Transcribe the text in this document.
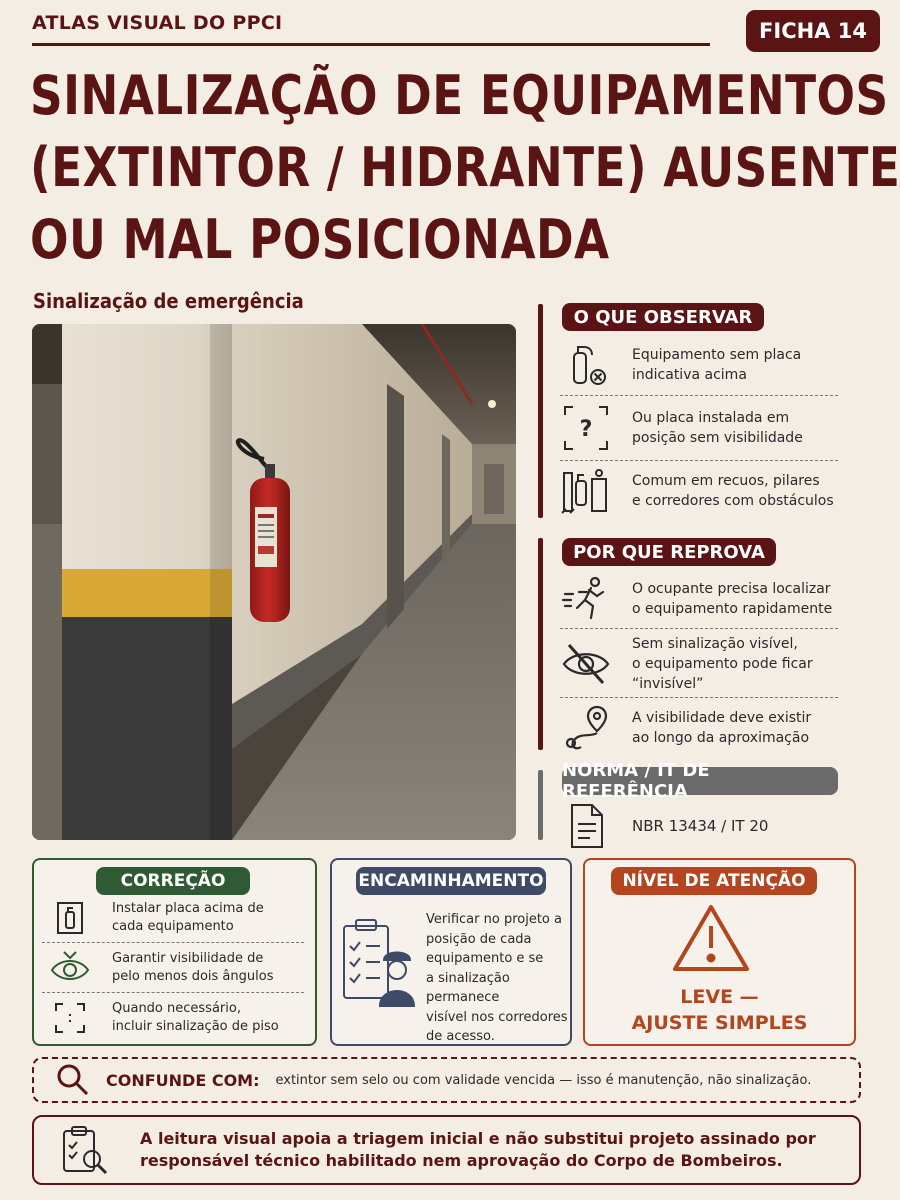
ATLAS VISUAL DO PPCI	FICHA 14
SINALIZAÇÃO DE EQUIPAMENTOS
(EXTINTOR / HIDRANTE) AUSENTE
OU MAL POSICIONADA
Sinalização de emergência
O QUE OBSERVAR
Equipamento sem placa
indicativa acima
?	Ou placa instalada em
posição sem visibilidade
Comum em recuos, pilares
e corredores com obstáculos
POR QUE REPROVA
O ocupante precisa localizar
o equipamento rapidamente
Sem sinalização visível,
o equipamento pode ficar
“invisível”
A visibilidade deve existir
ao longo da aproximação
NORMA / IT DE REFERÊNCIA
NBR 13434 / IT 20
CORREÇÃO
Instalar placa acima de
cada equipamento
Garantir visibilidade de
pelo menos dois ângulos
Quando necessário,
incluir sinalização de piso
ENCAMINHAMENTO
Verificar no projeto a
posição de cada
equipamento e se
a sinalização permanece
visível nos corredores
de acesso.
NÍVEL DE ATENÇÃO
LEVE —
AJUSTE SIMPLES
CONFUNDE COM: extintor sem selo ou com validade vencida — isso é manutenção, não sinalização.
A leitura visual apoia a triagem inicial e não substitui projeto assinado por
responsável técnico habilitado nem aprovação do Corpo de Bombeiros.
